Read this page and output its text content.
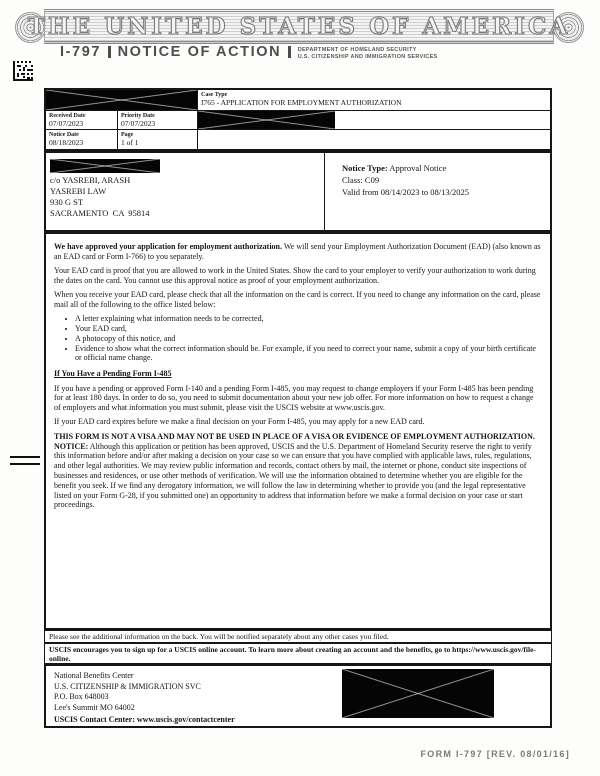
THE UNITED STATES OF AMERICA
I-797 NOTICE OF ACTION	DEPARTMENT OF HOMELAND SECURITY
U.S. CITIZENSHIP AND IMMIGRATION SERVICES
Case Type
I765 - APPLICATION FOR EMPLOYMENT AUTHORIZATION
Received Date
07/07/2023
Priority Date
07/07/2023
Notice Date
08/18/2023
Page
1 of 1
c/o YASREBI, ARASH
YASREBI LAW
930 G ST
SACRAMENTO  CA  95814
Notice Type: Approval Notice
Class: C09
Valid from 08/14/2023 to 08/13/2025

We have approved your application for employment authorization. We will send your Employment Authorization Document (EAD) (also known as an EAD card or Form I-766) to you separately.

Your EAD card is proof that you are allowed to work in the United States. Show the card to your employer to verify your authorization to work during the dates on the card. You cannot use this approval notice as proof of your employment authorization.

When you receive your EAD card, please check that all the information on the card is correct. If you need to change any information on the card, please mail all of the following to the office listed below:

A letter explaining what information needs to be corrected,
Your EAD card,
A photocopy of this notice, and
Evidence to show what the correct information should be. For example, if you need to correct your name, submit a copy of your birth certificate or official name change.
If You Have a Pending Form I-485

If you have a pending or approved Form I-140 and a pending Form I-485, you may request to change employers if your Form I-485 has been pending for at least 180 days. In order to do so, you need to submit documentation about your new job offer. For more information on how to request a change of employers and what information you must submit, please visit the USCIS website at www.uscis.gov.

If your EAD card expires before we make a final decision on your Form I-485, you may apply for a new EAD card.

THIS FORM IS NOT A VISA AND MAY NOT BE USED IN PLACE OF A VISA OR EVIDENCE OF EMPLOYMENT AUTHORIZATION. NOTICE: Although this application or petition has been approved, USCIS and the U.S. Department of Homeland Security reserve the right to verify this information before and/or after making a decision on your case so we can ensure that you have complied with applicable laws, rules, regulations, and other legal authorities. We may review public information and records, contact others by mail, the internet or phone, conduct site inspections of businesses and residences, or use other methods of verification. We will use the information obtained to determine whether you are eligible for the benefit you seek. If we find any derogatory information, we will follow the law in determining whether to provide you (and the legal representative listed on your Form G-28, if you submitted one) an opportunity to address that information before we make a formal decision on your case or start proceedings.

Please see the additional information on the back. You will be notified separately about any other cases you filed.
USCIS encourages you to sign up for a USCIS online account. To learn more about creating an account and the benefits, go to https://www.uscis.gov/file-online.
National Benefits Center
U.S. CITIZENSHIP & IMMIGRATION SVC
P.O. Box 648003
Lee's Summit MO 64002
USCIS Contact Center: www.uscis.gov/contactcenter
FORM I-797 [REV. 08/01/16]
